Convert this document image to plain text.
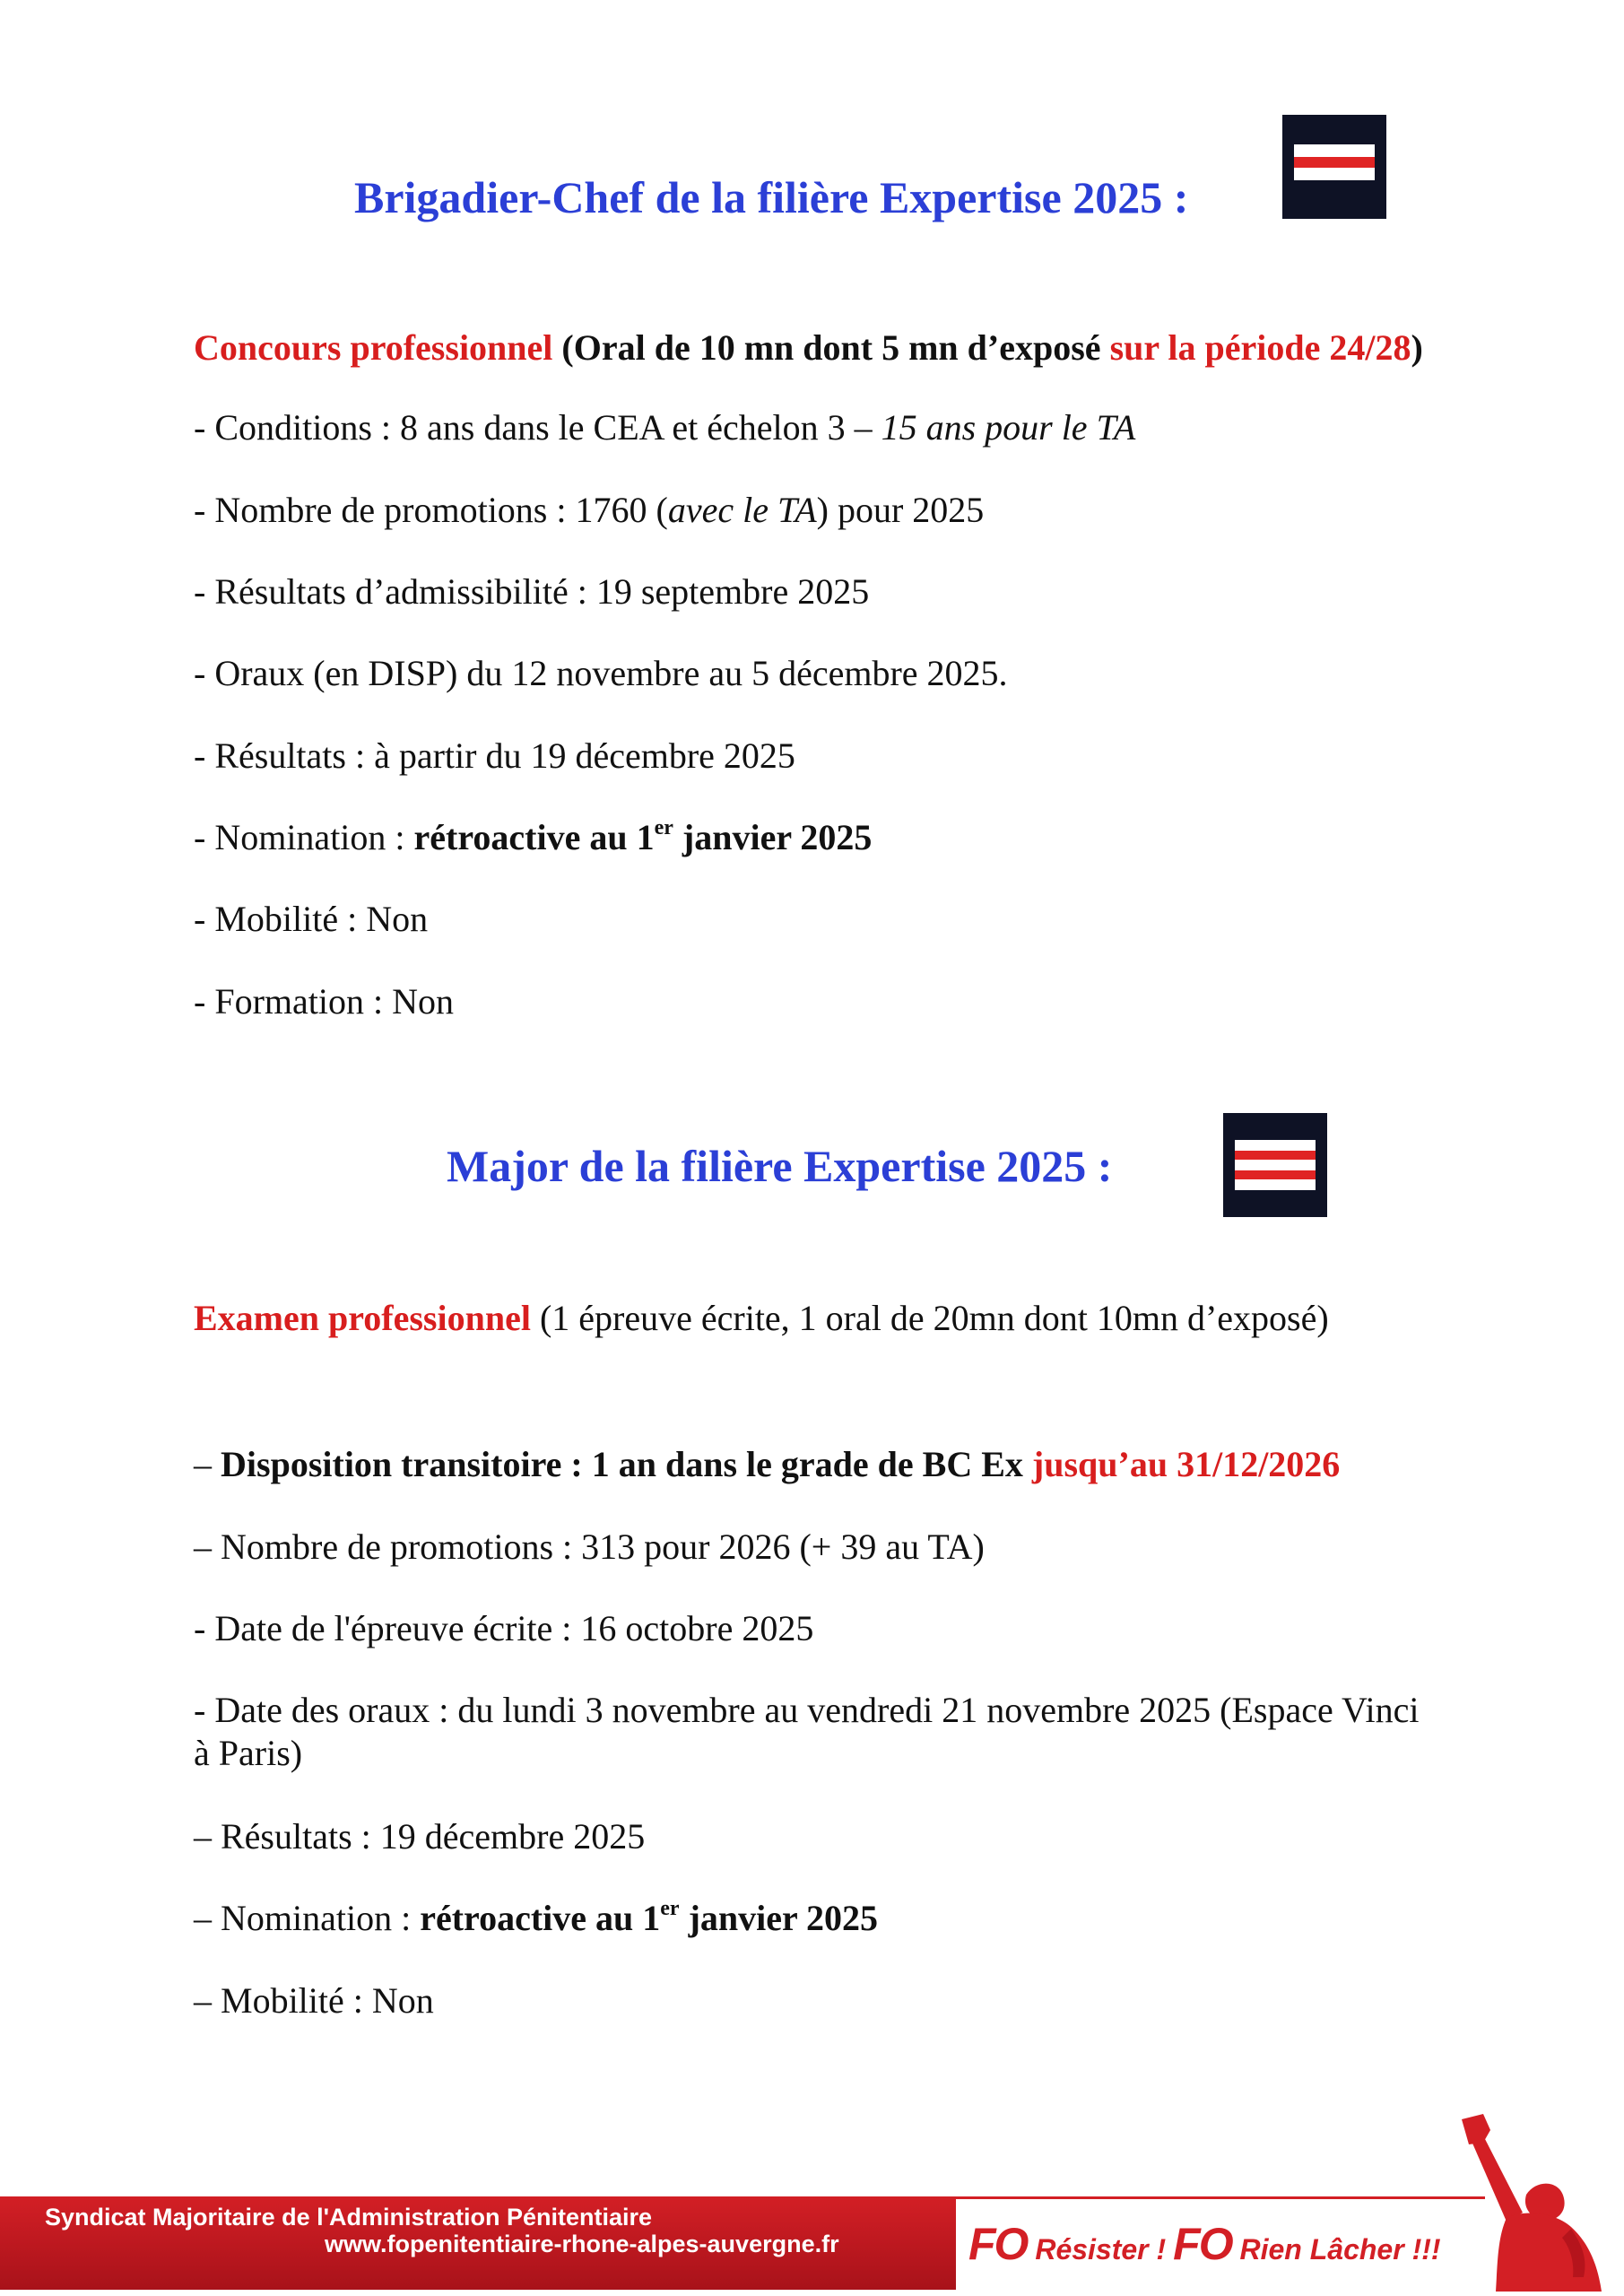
Brigadier-Chef de la filière Expertise 2025 :

Concours professionnel (Oral de 10 mn dont 5 mn d’exposé sur la période 24/28)

- Conditions : 8 ans dans le CEA et échelon 3 – 15 ans pour le TA

- Nombre de promotions : 1760 (avec le TA) pour 2025

- Résultats d’admissibilité : 19 septembre 2025

- Oraux (en DISP) du 12 novembre au 5 décembre 2025.

- Résultats : à partir du 19 décembre 2025

- Nomination : rétroactive au 1er janvier 2025

- Mobilité : Non

- Formation : Non

Major de la filière Expertise 2025 :

Examen professionnel (1 épreuve écrite, 1 oral de 20mn dont 10mn d’exposé)

– Disposition transitoire : 1 an dans le grade de BC Ex jusqu’au 31/12/2026

– Nombre de promotions : 313 pour 2026 (+ 39 au TA)

- Date de l'épreuve écrite : 16 octobre 2025

- Date des oraux : du lundi 3 novembre au vendredi 21 novembre 2025 (Espace Vinci à Paris)

– Résultats : 19 décembre 2025

– Nomination : rétroactive au 1er janvier 2025

– Mobilité : Non

Syndicat Majoritaire de l'Administration Pénitentiaire

www.fopenitentiaire-rhone-alpes-auvergne.fr	FO Résister ! FO Rien Lâcher !!!
